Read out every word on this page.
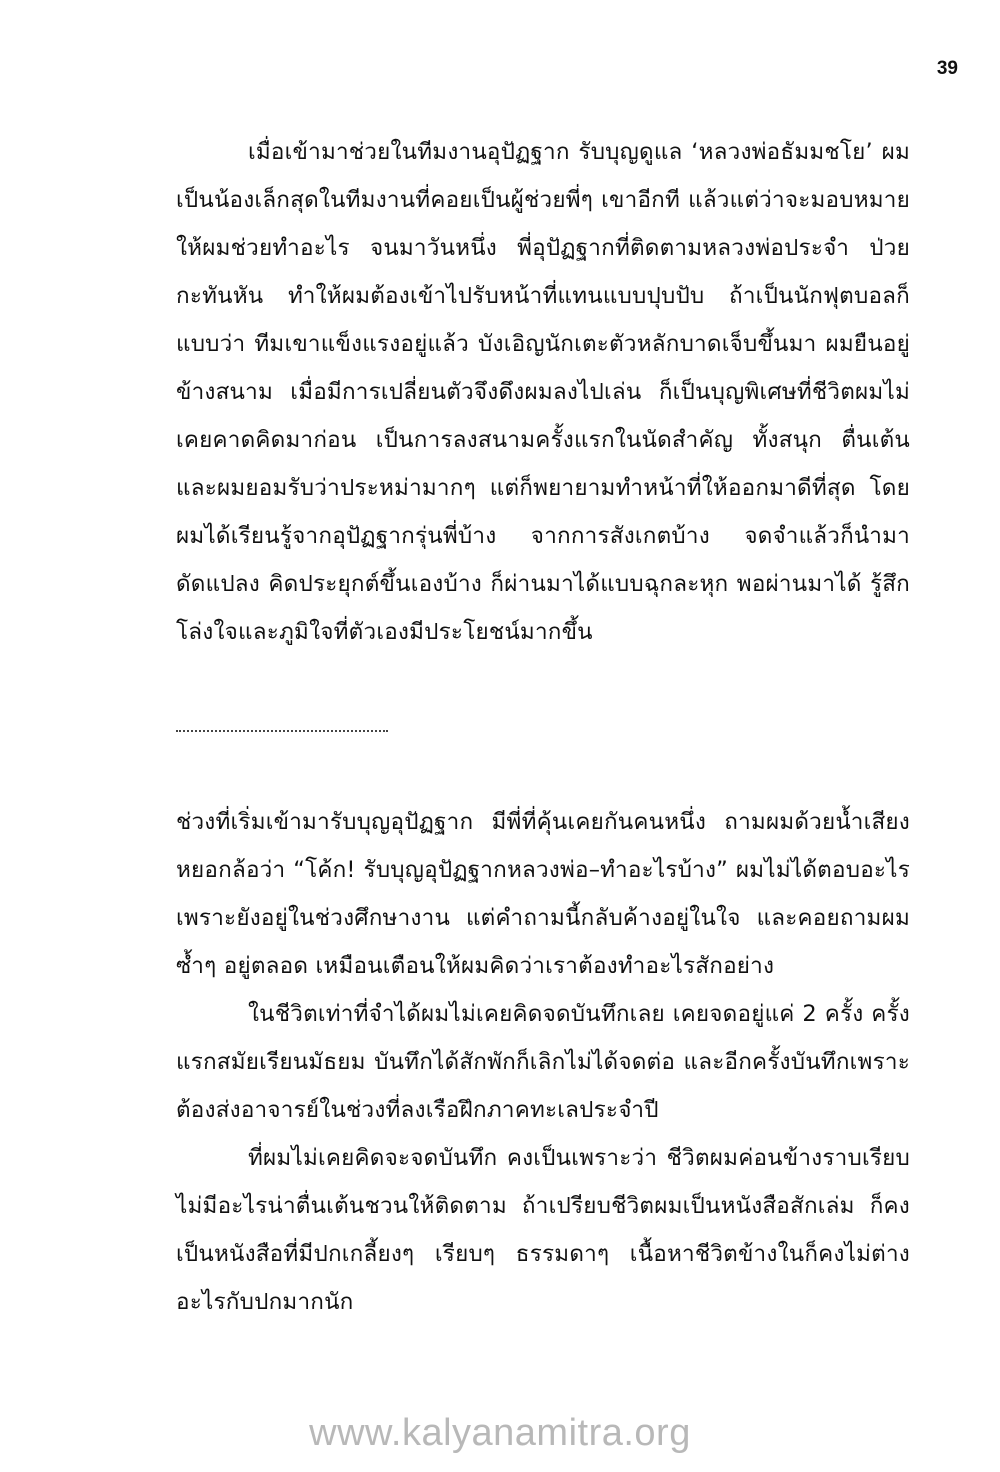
39

เมื่อเข้ามาช่วยในทีมงานอุปัฏฐาก รับบุญดูแล ‘หลวงพ่อธัมมชโย’ ผมเป็นน้องเล็กสุดในทีมงานที่คอยเป็นผู้ช่วยพี่ๆ เขาอีกที แล้วแต่ว่าจะมอบหมายให้ผมช่วยทำอะไร จนมาวันหนึ่ง พี่อุปัฏฐากที่ติดตามหลวงพ่อประจำ ป่วยกะทันหัน ทำให้ผมต้องเข้าไปรับหน้าที่แทนแบบปุบปับ ถ้าเป็นนักฟุตบอลก็แบบว่า ทีมเขาแข็งแรงอยู่แล้ว บังเอิญนักเตะตัวหลักบาดเจ็บขึ้นมา ผมยืนอยู่ข้างสนาม เมื่อมีการเปลี่ยนตัวจึงดึงผมลงไปเล่น ก็เป็นบุญพิเศษที่ชีวิตผมไม่เคยคาดคิดมาก่อน เป็นการลงสนามครั้งแรกในนัดสำคัญ ทั้งสนุก ตื่นเต้น และผมยอมรับว่าประหม่ามากๆ แต่ก็พยายามทำหน้าที่ให้ออกมาดีที่สุด โดยผมได้เรียนรู้จากอุปัฏฐากรุ่นพี่บ้าง จากการสังเกตบ้าง จดจำแล้วก็นำมาดัดแปลง คิดประยุกต์ขึ้นเองบ้าง ก็ผ่านมาได้แบบฉุกละหุก พอผ่านมาได้ รู้สึกโล่งใจและภูมิใจที่ตัวเองมีประโยชน์มากขึ้น

ช่วงที่เริ่มเข้ามารับบุญอุปัฏฐาก มีพี่ที่คุ้นเคยกันคนหนึ่ง ถามผมด้วยน้ำเสียงหยอกล้อว่า “โค้ก! รับบุญอุปัฏฐากหลวงพ่อ–ทำอะไรบ้าง” ผมไม่ได้ตอบอะไร เพราะยังอยู่ในช่วงศึกษางาน แต่คำถามนี้กลับค้างอยู่ในใจ และคอยถามผมซ้ำๆ อยู่ตลอด เหมือนเตือนให้ผมคิดว่าเราต้องทำอะไรสักอย่าง

ในชีวิตเท่าที่จำได้ผมไม่เคยคิดจดบันทึกเลย เคยจดอยู่แค่ 2 ครั้ง ครั้งแรกสมัยเรียนมัธยม บันทึกได้สักพักก็เลิกไม่ได้จดต่อ และอีกครั้งบันทึกเพราะต้องส่งอาจารย์ในช่วงที่ลงเรือฝึกภาคทะเลประจำปี

ที่ผมไม่เคยคิดจะจดบันทึก คงเป็นเพราะว่า ชีวิตผมค่อนข้างราบเรียบ ไม่มีอะไรน่าตื่นเต้นชวนให้ติดตาม ถ้าเปรียบชีวิตผมเป็นหนังสือสักเล่ม ก็คงเป็นหนังสือที่มีปกเกลี้ยงๆ เรียบๆ ธรรมดาๆ เนื้อหาชีวิตข้างในก็คงไม่ต่างอะไรกับปกมากนัก

www.kalyanamitra.org
